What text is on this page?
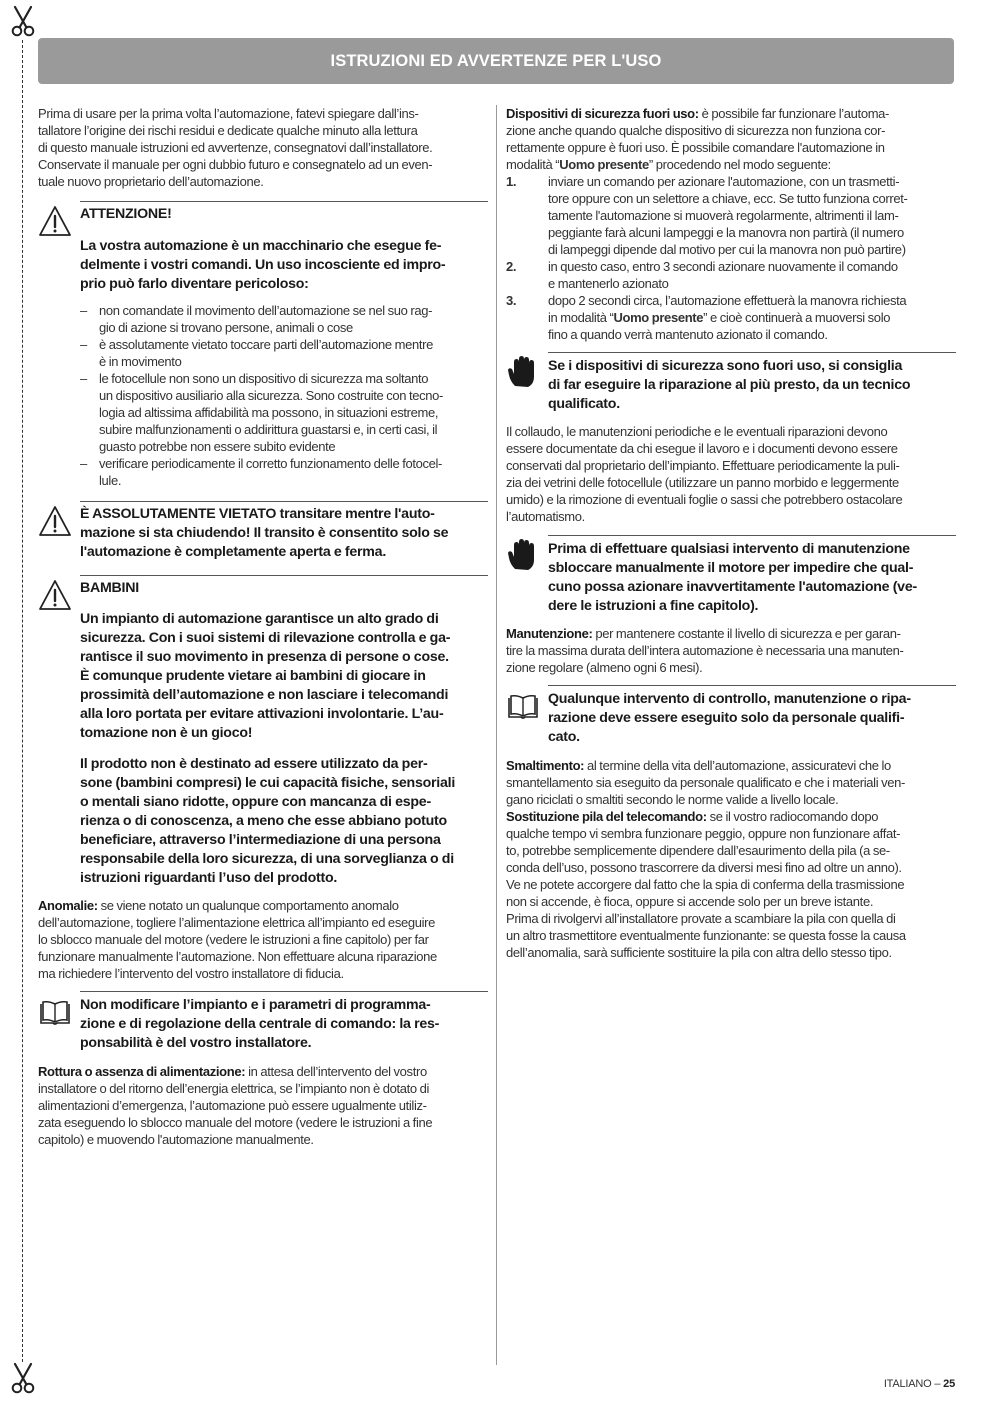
ISTRUZIONI ED AVVERTENZE PER L'USO

Prima di usare per la prima volta l’automazione, fatevi spiegare dall’ins-
tallatore l’origine dei rischi residui e dedicate qualche minuto alla lettura
di questo manuale istruzioni ed avvertenze, consegnatovi dall’installatore.
Conservate il manuale per ogni dubbio futuro e consegnatelo ad un even-
tuale nuovo proprietario dell’automazione.

ATTENZIONE!
La vostra automazione è un macchinario che esegue fe-
delmente i vostri comandi. Un uso incosciente ed impro-
prio può farlo diventare pericoloso:
– non comandate il movimento dell’automazione se nel suo rag-
gio di azione si trovano persone, animali o cose
– è assolutamente vietato toccare parti dell’automazione mentre
è in movimento
– le fotocellule non sono un dispositivo di sicurezza ma soltanto
un dispositivo ausiliario alla sicurezza. Sono costruite con tecno-
logia ad altissima affidabilità ma possono, in situazioni estreme,
subire malfunzionamenti o addirittura guastarsi e, in certi casi, il
guasto potrebbe non essere subito evidente
– verificare periodicamente il corretto funzionamento delle fotocel-
lule.
È ASSOLUTAMENTE VIETATO transitare mentre l'auto-
mazione si sta chiudendo! Il transito è consentito solo se
l'automazione è completamente aperta e ferma.
BAMBINI
Un impianto di automazione garantisce un alto grado di
sicurezza. Con i suoi sistemi di rilevazione controlla e ga-
rantisce il suo movimento in presenza di persone o cose.
È comunque prudente vietare ai bambini di giocare in
prossimità dell’automazione e non lasciare i telecomandi
alla loro portata per evitare attivazioni involontarie. L’au-
tomazione non è un gioco!
Il prodotto non è destinato ad essere utilizzato da per-
sone (bambini compresi) le cui capacità fisiche, sensoriali
o mentali siano ridotte, oppure con mancanza di espe-
rienza o di conoscenza, a meno che esse abbiano potuto
beneficiare, attraverso l’intermediazione di una persona
responsabile della loro sicurezza, di una sorveglianza o di
istruzioni riguardanti l’uso del prodotto.

Anomalie: se viene notato un qualunque comportamento anomalo
dell’automazione, togliere l’alimentazione elettrica all’impianto ed eseguire
lo sblocco manuale del motore (vedere le istruzioni a fine capitolo) per far
funzionare manualmente l’automazione. Non effettuare alcuna riparazione
ma richiedere l’intervento del vostro installatore di fiducia.

Non modificare l’impianto e i parametri di programma-
zione e di regolazione della centrale di comando: la res-
ponsabilità è del vostro installatore.

Rottura o assenza di alimentazione: in attesa dell’intervento del vostro
installatore o del ritorno dell’energia elettrica, se l’impianto non è dotato di
alimentazioni d’emergenza, l’automazione può essere ugualmente utiliz-
zata eseguendo lo sblocco manuale del motore (vedere le istruzioni a fine
capitolo) e muovendo l'automazione manualmente.

Dispositivi di sicurezza fuori uso: è possibile far funzionare l’automa-
zione anche quando qualche dispositivo di sicurezza non funziona cor-
rettamente oppure è fuori uso. È possibile comandare l'automazione in
modalità “Uomo presente” procedendo nel modo seguente:

1. inviare un comando per azionare l'automazione, con un trasmetti-
tore oppure con un selettore a chiave, ecc. Se tutto funziona corret-
tamente l'automazione si muoverà regolarmente, altrimenti il lam-
peggiante farà alcuni lampeggi e la manovra non partirà (il numero
di lampeggi dipende dal motivo per cui la manovra non può partire)
2. in questo caso, entro 3 secondi azionare nuovamente il comando
e mantenerlo azionato
3. dopo 2 secondi circa, l’automazione effettuerà la manovra richiesta
in modalità “Uomo presente” e cioè continuerà a muoversi solo
fino a quando verrà mantenuto azionato il comando.
Se i dispositivi di sicurezza sono fuori uso, si consiglia
di far eseguire la riparazione al più presto, da un tecnico
qualificato.

Il collaudo, le manutenzioni periodiche e le eventuali riparazioni devono
essere documentate da chi esegue il lavoro e i documenti devono essere
conservati dal proprietario dell’impianto. Effettuare periodicamente la puli-
zia dei vetrini delle fotocellule (utilizzare un panno morbido e leggermente
umido) e la rimozione di eventuali foglie o sassi che potrebbero ostacolare
l’automatismo.

Prima di effettuare qualsiasi intervento di manutenzione
sbloccare manualmente il motore per impedire che qual-
cuno possa azionare inavvertitamente l'automazione (ve-
dere le istruzioni a fine capitolo).

Manutenzione: per mantenere costante il livello di sicurezza e per garan-
tire la massima durata dell’intera automazione è necessaria una manuten-
zione regolare (almeno ogni 6 mesi).

Qualunque intervento di controllo, manutenzione o ripa-
razione deve essere eseguito solo da personale qualifi-
cato.

Smaltimento: al termine della vita dell’automazione, assicuratevi che lo
smantellamento sia eseguito da personale qualificato e che i materiali ven-
gano riciclati o smaltiti secondo le norme valide a livello locale.

Sostituzione pila del telecomando: se il vostro radiocomando dopo
qualche tempo vi sembra funzionare peggio, oppure non funzionare affat-
to, potrebbe semplicemente dipendere dall’esaurimento della pila (a se-
conda dell’uso, possono trascorrere da diversi mesi fino ad oltre un anno).
Ve ne potete accorgere dal fatto che la spia di conferma della trasmissione
non si accende, è fioca, oppure si accende solo per un breve istante.
Prima di rivolgervi all’installatore provate a scambiare la pila con quella di
un altro trasmettitore eventualmente funzionante: se questa fosse la causa
dell’anomalia, sarà sufficiente sostituire la pila con altra dello stesso tipo.

ITALIANO – 25
